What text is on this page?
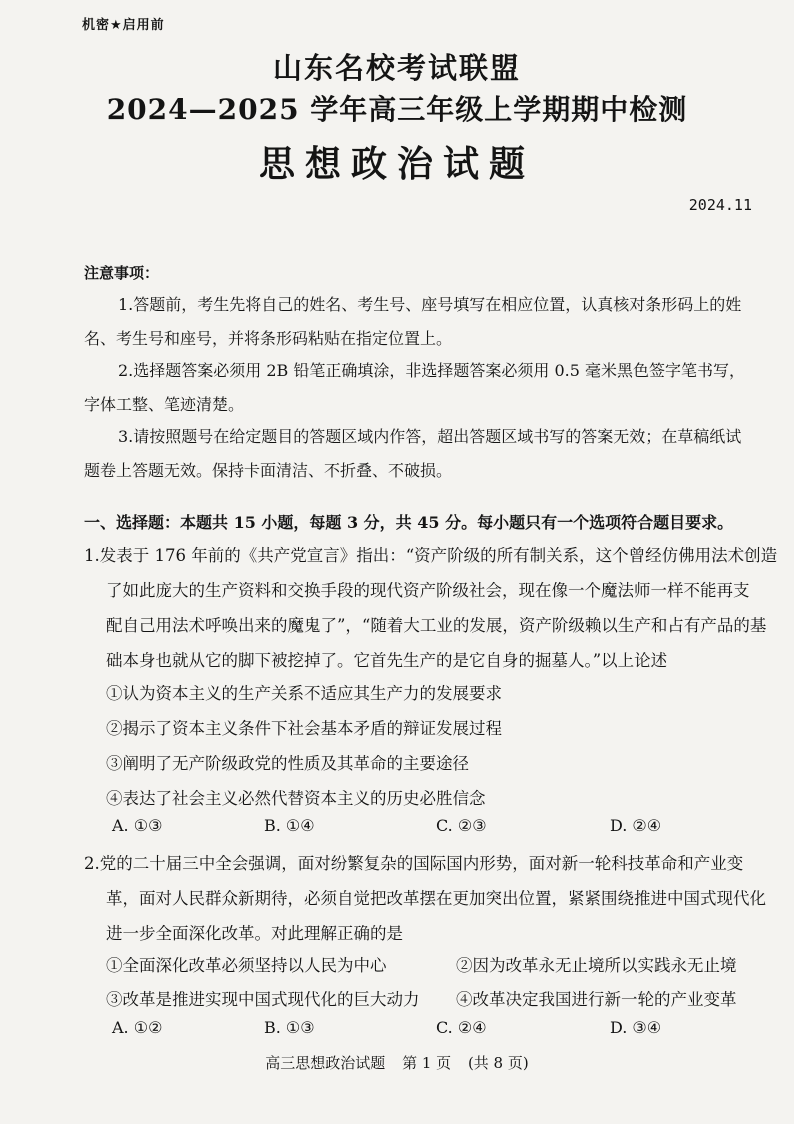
机密★启用前
山东名校考试联盟
2024—2025 学年高三年级上学期期中检测
思想政治试题
2024.11
注意事项：
1.答题前，考生先将自己的姓名、考生号、座号填写在相应位置，认真核对条形码上的姓
名、考生号和座号，并将条形码粘贴在指定位置上。
2.选择题答案必须用 2B 铅笔正确填涂，非选择题答案必须用 0.5 毫米黑色签字笔书写，
字体工整、笔迹清楚。
3.请按照题号在给定题目的答题区域内作答，超出答题区域书写的答案无效；在草稿纸试
题卷上答题无效。保持卡面清洁、不折叠、不破损。
一、选择题：本题共 15 小题，每题 3 分，共 45 分。每小题只有一个选项符合题目要求。
1.发表于 176 年前的《共产党宣言》指出：“资产阶级的所有制关系，这个曾经仿佛用法术创造
了如此庞大的生产资料和交换手段的现代资产阶级社会，现在像一个魔法师一样不能再支
配自己用法术呼唤出来的魔鬼了”，“随着大工业的发展，资产阶级赖以生产和占有产品的基
础本身也就从它的脚下被挖掉了。它首先生产的是它自身的掘墓人。”以上论述
①认为资本主义的生产关系不适应其生产力的发展要求
②揭示了资本主义条件下社会基本矛盾的辩证发展过程
③阐明了无产阶级政党的性质及其革命的主要途径
④表达了社会主义必然代替资本主义的历史必胜信念
A. ①③	B. ①④	C. ②③	D. ②④
2.党的二十届三中全会强调，面对纷繁复杂的国际国内形势，面对新一轮科技革命和产业变
革，面对人民群众新期待，必须自觉把改革摆在更加突出位置，紧紧围绕推进中国式现代化
进一步全面深化改革。对此理解正确的是
①全面深化改革必须坚持以人民为中心	②因为改革永无止境所以实践永无止境
③改革是推进实现中国式现代化的巨大动力 ④改革决定我国进行新一轮的产业变革
A. ①②	B. ①③	C. ②④	D. ③④
高三思想政治试题 第 1 页 (共 8 页)
